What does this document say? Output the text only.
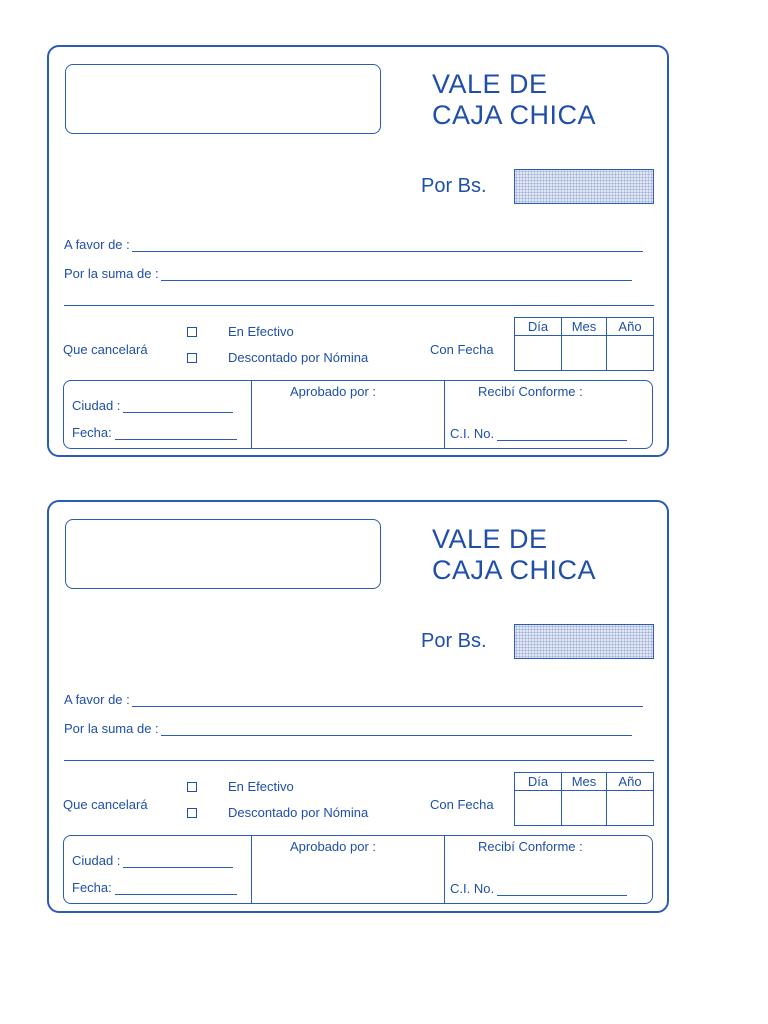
VALE DE
CAJA CHICA
Por Bs.
A favor de :
Por la suma de :
Que cancelará
En Efectivo
Descontado por Nómina
Con Fecha
Día	Mes	Año
Ciudad :
Fecha:
Aprobado por :	Recibí Conforme :
C.I. No.
VALE DE
CAJA CHICA
Por Bs.
A favor de :
Por la suma de :
Que cancelará
En Efectivo
Descontado por Nómina
Con Fecha
Día	Mes	Año
Ciudad :
Fecha:
Aprobado por :	Recibí Conforme :
C.I. No.
